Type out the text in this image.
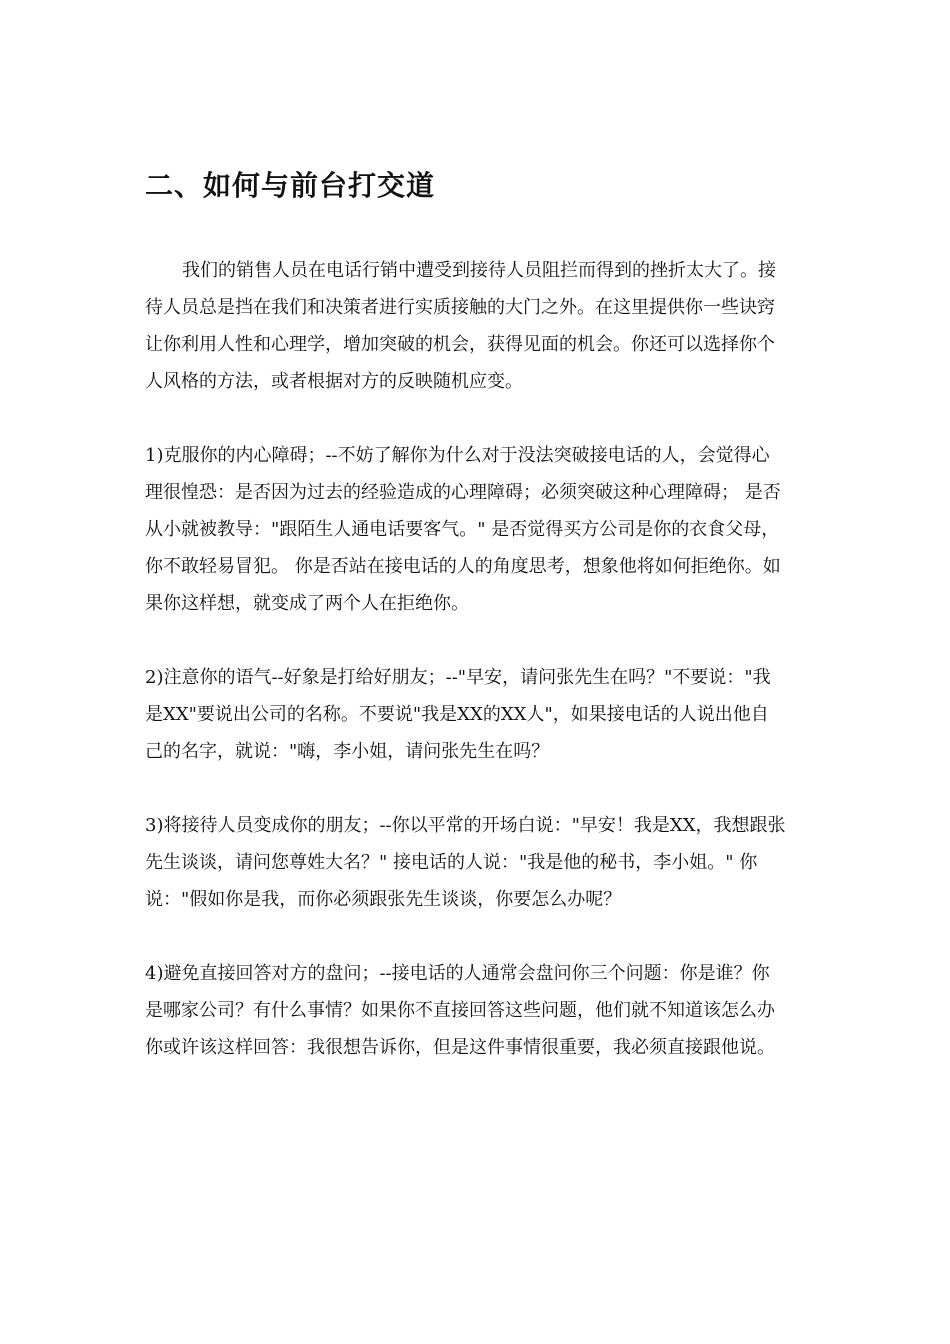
二、如何与前台打交道

我们的销售人员在电话行销中遭受到接待人员阻拦而得到的挫折太大了。接
待人员总是挡在我们和决策者进行实质接触的大门之外。在这里提供你一些诀窍
让你利用人性和心理学，增加突破的机会，获得见面的机会。你还可以选择你个
人风格的方法，或者根据对方的反映随机应变。

1)克服你的内心障碍；--不妨了解你为什么对于没法突破接电话的人，会觉得心
理很惶恐：是否因为过去的经验造成的心理障碍；必须突破这种心理障碍； 是否
从小就被教导："跟陌生人通电话要客气。" 是否觉得买方公司是你的衣食父母，
你不敢轻易冒犯。 你是否站在接电话的人的角度思考，想象他将如何拒绝你。如
果你这样想，就变成了两个人在拒绝你。

2)注意你的语气--好象是打给好朋友；--"早安，请问张先生在吗？"不要说："我
是XX"要说出公司的名称。不要说"我是XX的XX人"，如果接电话的人说出他自
己的名字，就说："嗨，李小姐，请问张先生在吗？

3)将接待人员变成你的朋友；--你以平常的开场白说："早安！我是XX，我想跟张
先生谈谈，请问您尊姓大名？" 接电话的人说："我是他的秘书，李小姐。" 你
说："假如你是我，而你必须跟张先生谈谈，你要怎么办呢？

4)避免直接回答对方的盘问；--接电话的人通常会盘问你三个问题：你是谁？你
是哪家公司？有什么事情？如果你不直接回答这些问题，他们就不知道该怎么办
你或许该这样回答：我很想告诉你，但是这件事情很重要，我必须直接跟他说。
